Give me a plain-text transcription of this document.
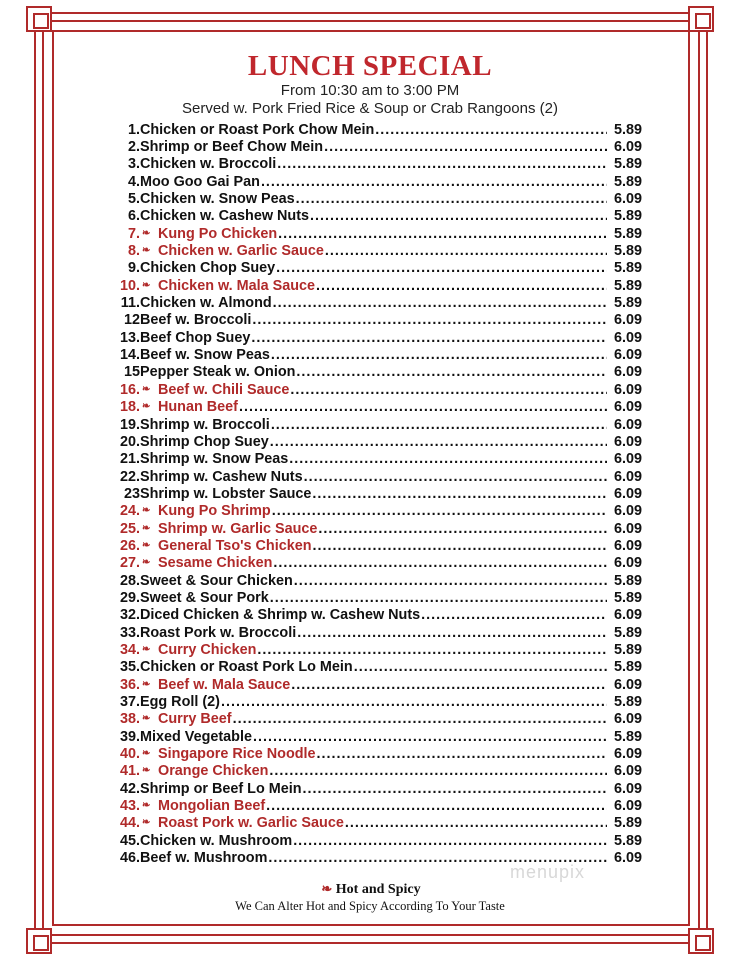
LUNCH SPECIAL
From 10:30 am to 3:00 PM
Served w. Pork Fried Rice & Soup or Crab Rangoons (2)
1. Chicken or Roast Pork Chow Mein .....	5.89
2. Shrimp or Beef Chow Mein .....	6.09
3. Chicken w. Broccoli .....	5.89
4. Moo Goo Gai Pan .....	5.89
5. Chicken w. Snow Peas .....	6.09
6. Chicken w. Cashew Nuts .....	5.89
7. ❧ Kung Po Chicken .....	5.89
8. ❧ Chicken w. Garlic Sauce .....	5.89
9. Chicken Chop Suey .....	5.89
10. ❧ Chicken w. Mala Sauce .....	5.89
11. Chicken w. Almond .....	5.89
12 Beef w. Broccoli .....	6.09
13. Beef Chop Suey .....	6.09
14. Beef w. Snow Peas .....	6.09
15 Pepper Steak w. Onion .....	6.09
16. ❧ Beef w. Chili Sauce .....	6.09
18. ❧ Hunan Beef .....	6.09
19. Shrimp w. Broccoli .....	6.09
20. Shrimp Chop Suey .....	6.09
21. Shrimp w. Snow Peas .....	6.09
22. Shrimp w. Cashew Nuts .....	6.09
23 Shrimp w. Lobster Sauce .....	6.09
24. ❧ Kung Po Shrimp .....	6.09
25. ❧ Shrimp w. Garlic Sauce .....	6.09
26. ❧ General Tso's Chicken .....	6.09
27. ❧ Sesame Chicken .....	6.09
28. Sweet & Sour Chicken .....	5.89
29. Sweet & Sour Pork .....	5.89
32. Diced Chicken & Shrimp w. Cashew Nuts .....	6.09
33. Roast Pork w. Broccoli .....	5.89
34. ❧ Curry Chicken .....	5.89
35. Chicken or Roast Pork Lo Mein .....	5.89
36. ❧ Beef w. Mala Sauce .....	6.09
37. Egg Roll (2) .....	5.89
38. ❧ Curry Beef .....	6.09
39. Mixed Vegetable .....	5.89
40. ❧ Singapore Rice Noodle .....	6.09
41. ❧ Orange Chicken .....	6.09
42. Shrimp or Beef Lo Mein .....	6.09
43. ❧ Mongolian Beef .....	6.09
44. ❧ Roast Pork w. Garlic Sauce .....	5.89
45. Chicken w. Mushroom .....	5.89
46. Beef w. Mushroom .....	6.09
menupix
❧ Hot and Spicy
We Can Alter Hot and Spicy According To Your Taste
